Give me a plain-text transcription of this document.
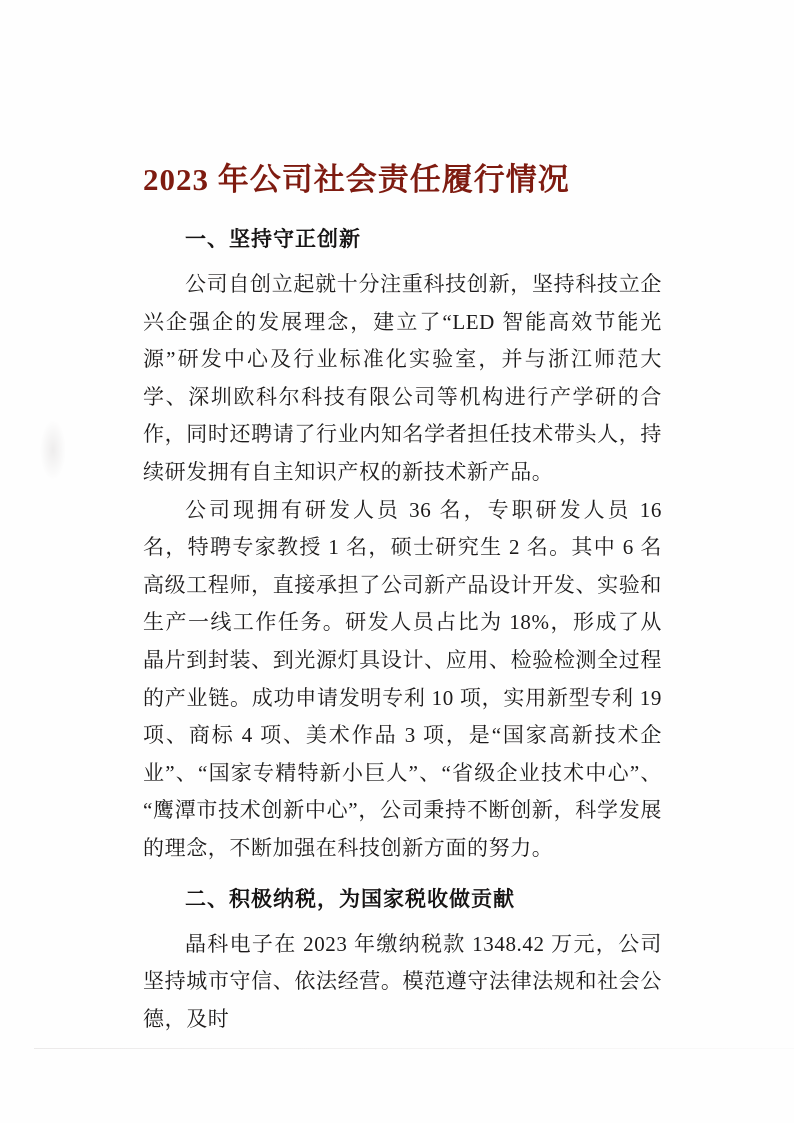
2023 年公司社会责任履行情况
一、坚持守正创新

公司自创立起就十分注重科技创新，坚持科技立企兴企强企的发展理念，建立了“LED 智能高效节能光源”研发中心及行业标准化实验室，并与浙江师范大学、深圳欧科尔科技有限公司等机构进行产学研的合作，同时还聘请了行业内知名学者担任技术带头人，持续研发拥有自主知识产权的新技术新产品。

公司现拥有研发人员 36 名，专职研发人员 16 名，特聘专家教授 1 名，硕士研究生 2 名。其中 6 名高级工程师，直接承担了公司新产品设计开发、实验和生产一线工作任务。研发人员占比为 18%，形成了从晶片到封装、到光源灯具设计、应用、检验检测全过程的产业链。成功申请发明专利 10 项，实用新型专利 19 项、商标 4 项、美术作品 3 项，是“国家高新技术企业”、“国家专精特新小巨人”、“省级企业技术中心”、“鹰潭市技术创新中心”，公司秉持不断创新，科学发展的理念，不断加强在科技创新方面的努力。

二、积极纳税，为国家税收做贡献

晶科电子在 2023 年缴纳税款 1348.42 万元，公司坚持城市守信、依法经营。模范遵守法律法规和社会公德，及时
